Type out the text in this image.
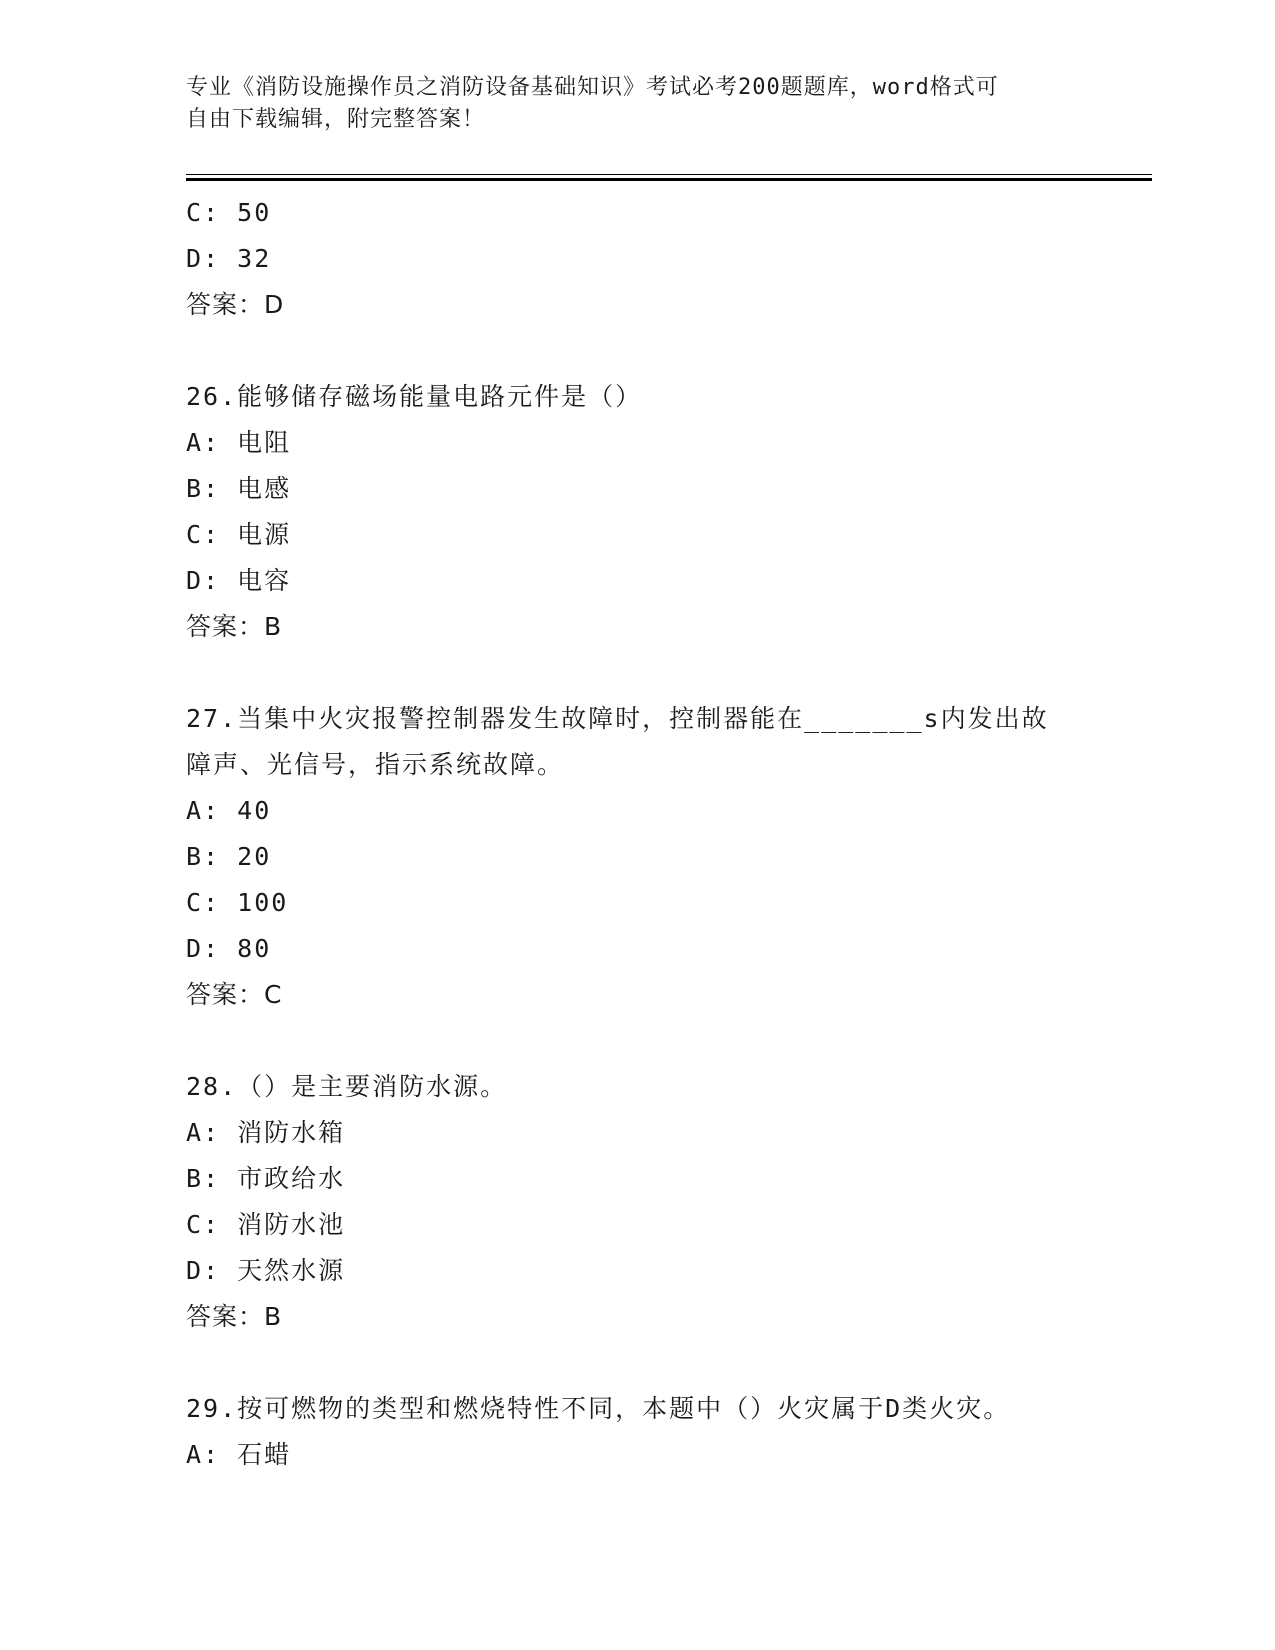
专业《消防设施操作员之消防设备基础知识》考试必考200题题库，word格式可
自由下载编辑，附完整答案！
C: 50
D: 32
答案：D
26.能够储存磁场能量电路元件是（）
A: 电阻
B: 电感
C: 电源
D: 电容
答案：B
27.当集中火灾报警控制器发生故障时，控制器能在_______s内发出故
障声、光信号，指示系统故障。
A: 40
B: 20
C: 100
D: 80
答案：C
28.（）是主要消防水源。
A: 消防水箱
B: 市政给水
C: 消防水池
D: 天然水源
答案：B
29.按可燃物的类型和燃烧特性不同，本题中（）火灾属于D类火灾。
A: 石蜡
